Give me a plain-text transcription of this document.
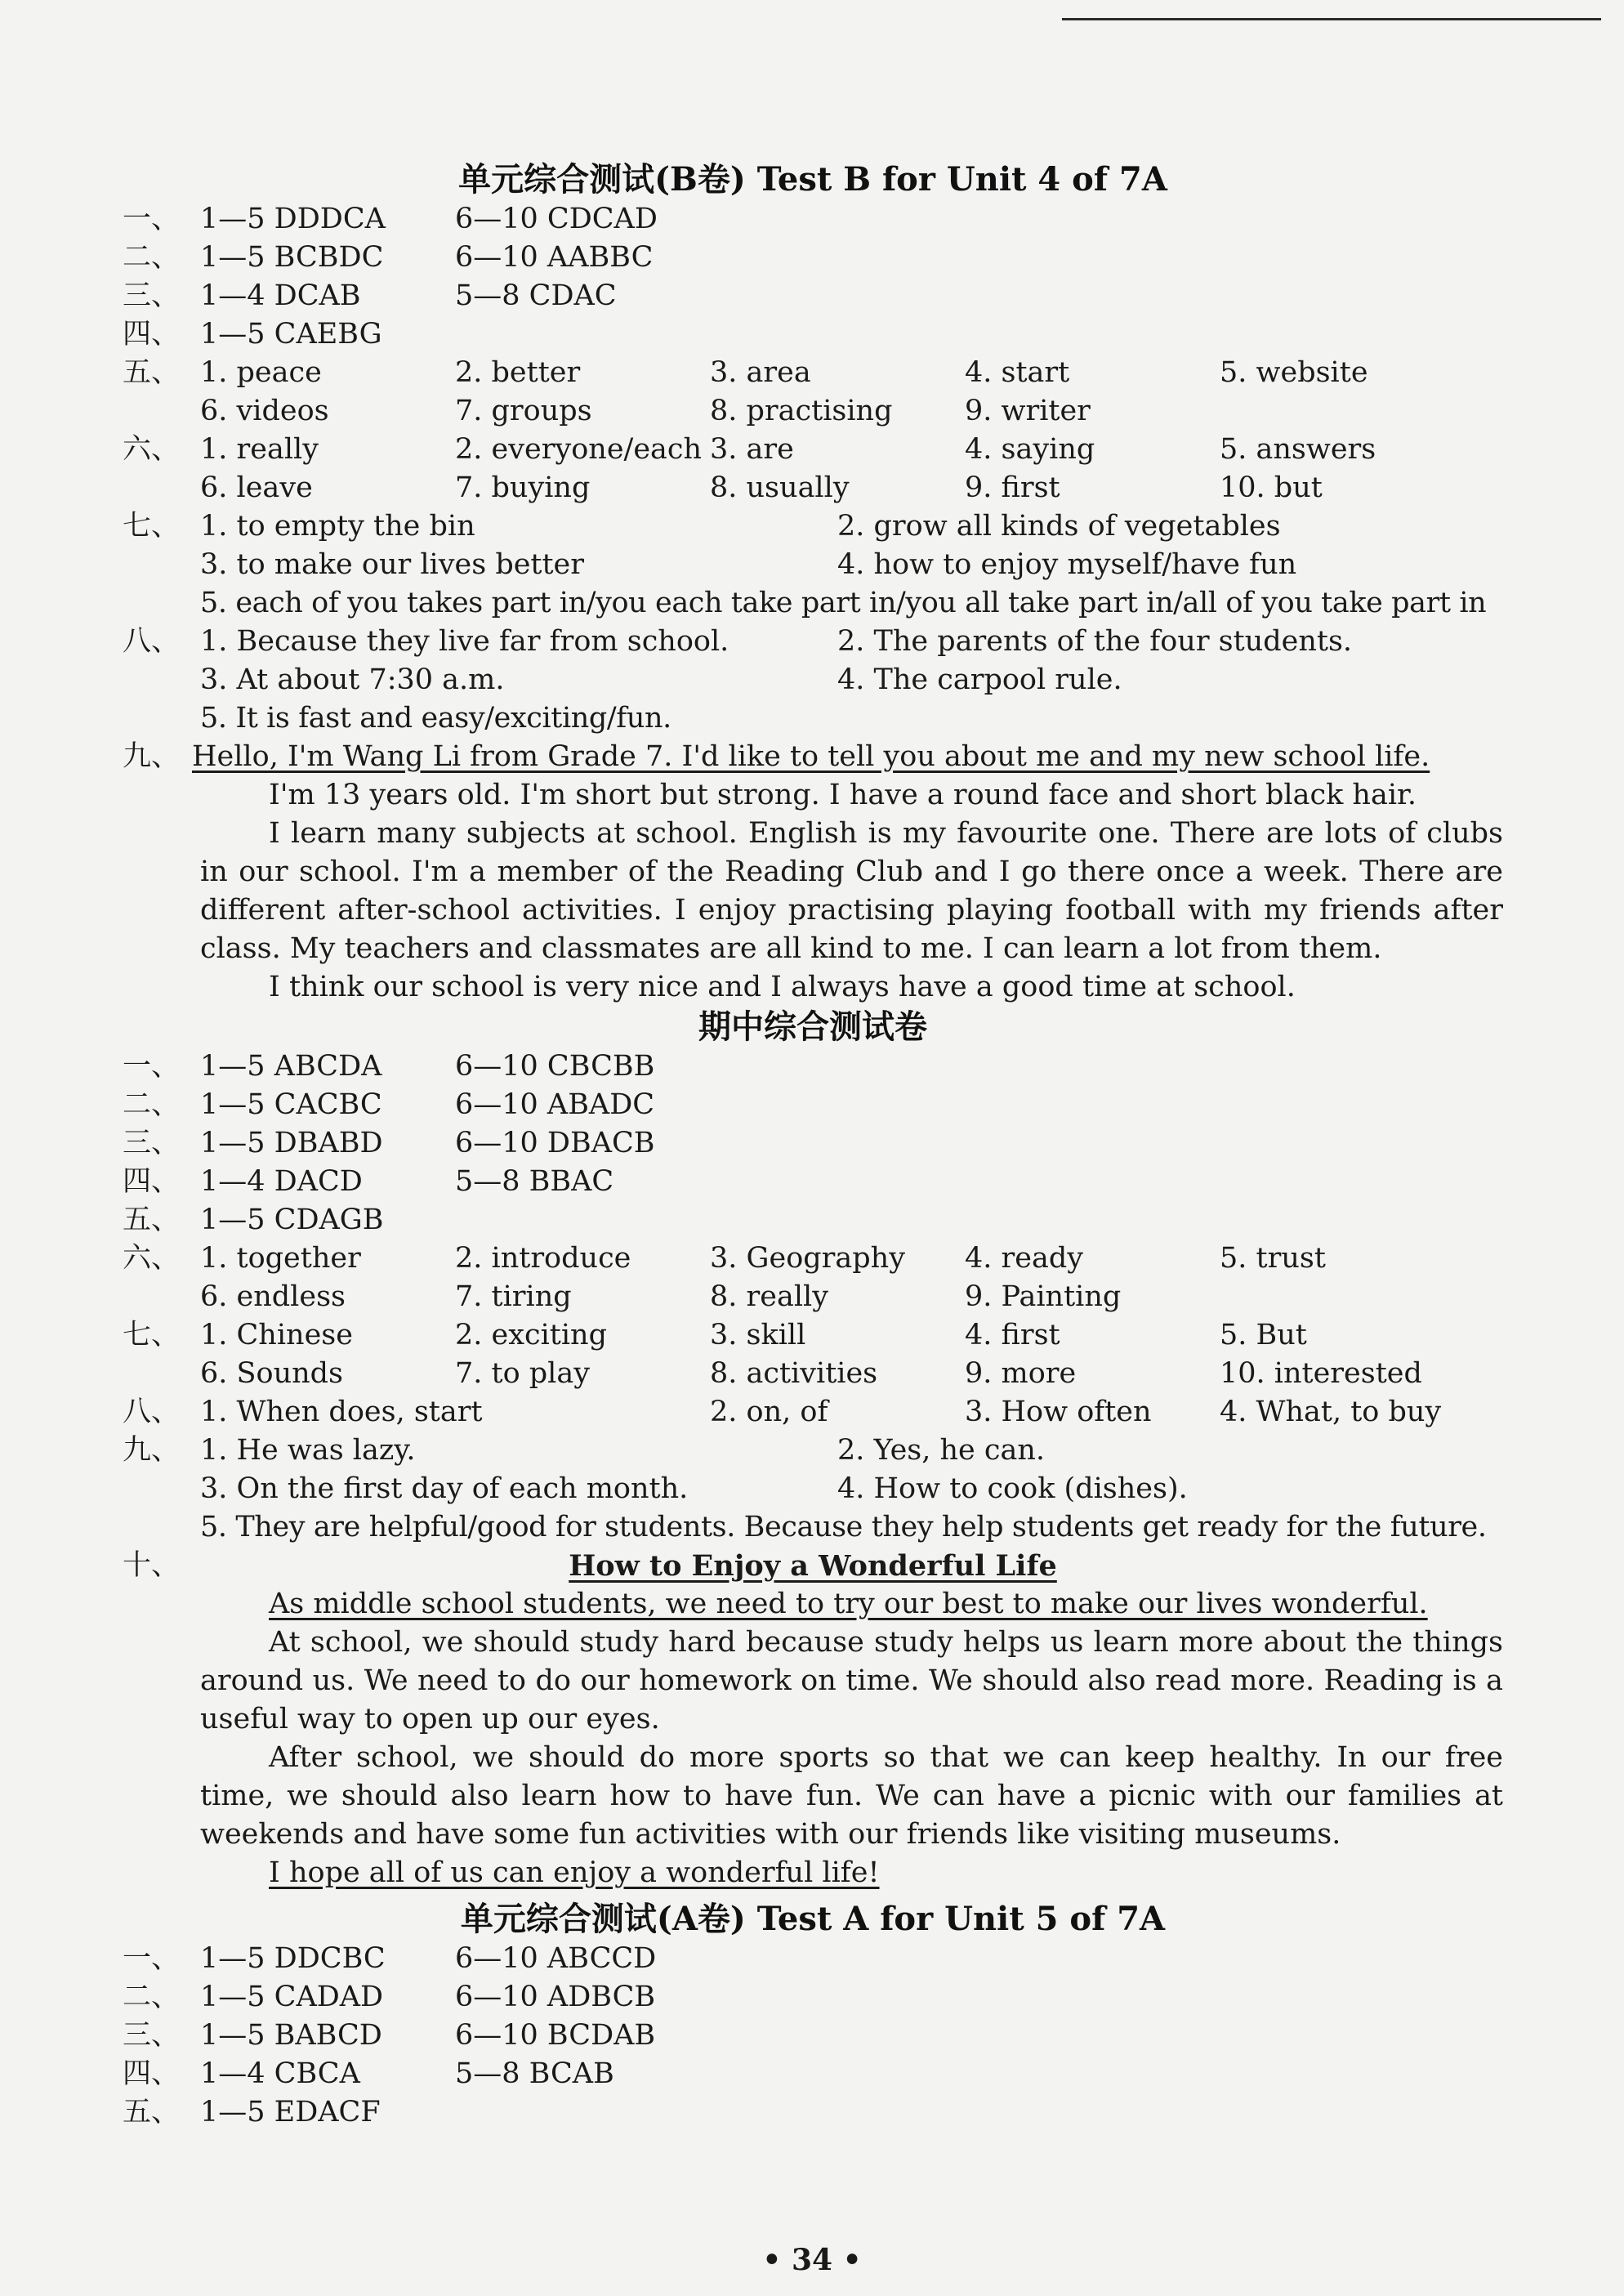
单元综合测试(B卷) Test B for Unit 4 of 7A
一、 1—5 DDDCA	6—10 CDCAD
二、 1—5 BCBDC	6—10 AABBC
三、 1—4 DCAB	5—8 CDAC
四、 1—5 CAEBG
五、 1. peace	2. better	3. area	4. start	5. website
6. videos	7. groups	8. practising	9. writer
六、 1. really	2. everyone/each 3. are	4. saying	5. answers
6. leave	7. buying	8. usually	9. first	10. but
七、 1. to empty the bin	2. grow all kinds of vegetables
3. to make our lives better	4. how to enjoy myself/have fun
5. each of you takes part in/you each take part in/you all take part in/all of you take part in
八、 1. Because they live far from school.	2. The parents of the four students.
3. At about 7:30 a.m.	4. The carpool rule.
5. It is fast and easy/exciting/fun.
九、 Hello, I'm Wang Li from Grade 7. I'd like to tell you about me and my new school life.
I'm 13 years old. I'm short but strong. I have a round face and short black hair.
I learn many subjects at school. English is my favourite one. There are lots of clubs in our school. I'm a member of the Reading Club and I go there once a week. There are different after-school activities. I enjoy practising playing football with my friends after class. My teachers and classmates are all kind to me. I can learn a lot from them.
I think our school is very nice and I always have a good time at school.
期中综合测试卷
一、 1—5 ABCDA	6—10 CBCBB
二、 1—5 CACBC	6—10 ABADC
三、 1—5 DBABD	6—10 DBACB
四、 1—4 DACD	5—8 BBAC
五、 1—5 CDAGB
六、 1. together	2. introduce	3. Geography	4. ready	5. trust
6. endless	7. tiring	8. really	9. Painting
七、 1. Chinese	2. exciting	3. skill	4. first	5. But
6. Sounds	7. to play	8. activities	9. more	10. interested
八、 1. When does, start	2. on, of	3. How often	4. What, to buy
九、 1. He was lazy.	2. Yes, he can.
3. On the first day of each month.	4. How to cook (dishes).
5. They are helpful/good for students. Because they help students get ready for the future.
十、	How to Enjoy a Wonderful Life
As middle school students, we need to try our best to make our lives wonderful.
At school, we should study hard because study helps us learn more about the things around us. We need to do our homework on time. We should also read more. Reading is a useful way to open up our eyes.
After school, we should do more sports so that we can keep healthy. In our free time, we should also learn how to have fun. We can have a picnic with our families at weekends and have some fun activities with our friends like visiting museums.
I hope all of us can enjoy a wonderful life!
单元综合测试(A卷) Test A for Unit 5 of 7A
一、 1—5 DDCBC	6—10 ABCCD
二、 1—5 CADAD	6—10 ADBCB
三、 1—5 BABCD	6—10 BCDAB
四、 1—4 CBCA	5—8 BCAB
五、 1—5 EDACF
• 34 •
